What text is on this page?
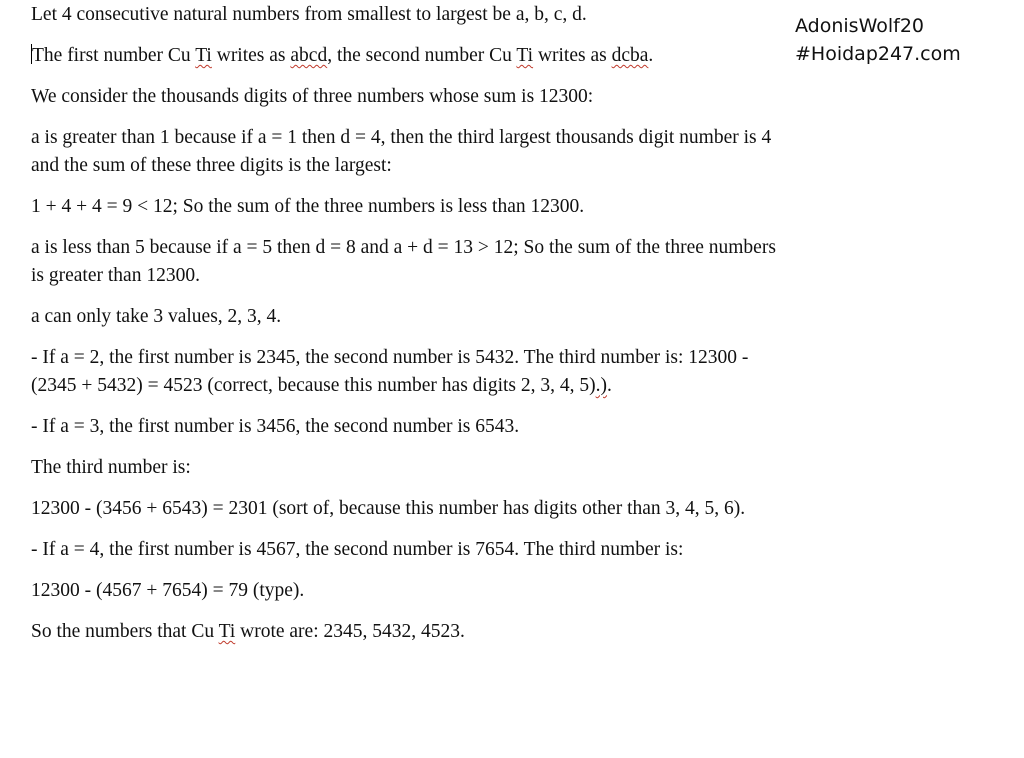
Let 4 consecutive natural numbers from smallest to largest be a, b, c, d.

The first number Cu Ti writes as abcd, the second number Cu Ti writes as dcba.

We consider the thousands digits of three numbers whose sum is 12300:

a is greater than 1 because if a = 1 then d = 4, then the third largest thousands digit number is 4 and the sum of these three digits is the largest:

1 + 4 + 4 = 9 < 12; So the sum of the three numbers is less than 12300.

a is less than 5 because if a = 5 then d = 8 and a + d = 13 > 12; So the sum of the three numbers is greater than 12300.

a can only take 3 values, 2, 3, 4.

- If a = 2, the first number is 2345, the second number is 5432. The third number is: 12300 - (2345 + 5432) = 4523 (correct, because this number has digits 2, 3, 4, 5).).

- If a = 3, the first number is 3456, the second number is 6543.

The third number is:

12300 - (3456 + 6543) = 2301 (sort of, because this number has digits other than 3, 4, 5, 6).

- If a = 4, the first number is 4567, the second number is 7654. The third number is:

12300 - (4567 + 7654) = 79 (type).

So the numbers that Cu Ti wrote are: 2345, 5432, 4523.

AdonisWolf20
#Hoidap247.com
